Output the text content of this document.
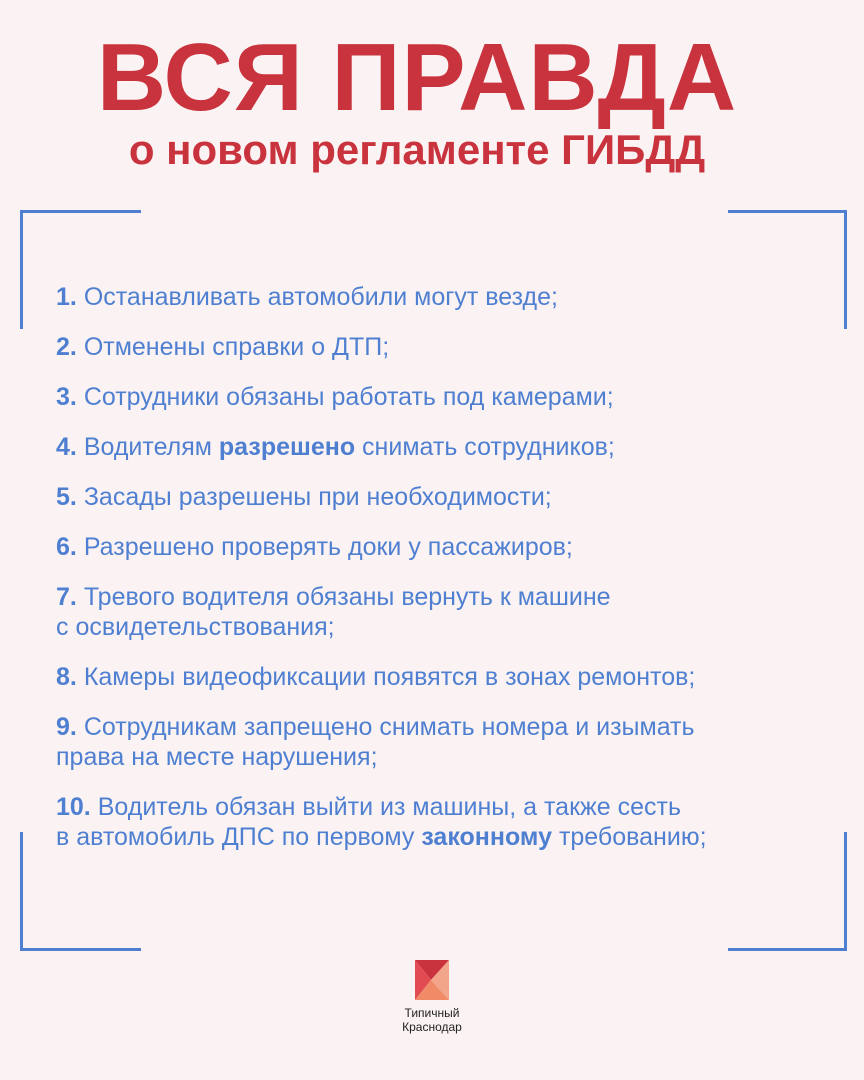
ВСЯ ПРАВДА
о новом регламенте ГИБДД
1. Останавливать автомобили могут везде;
2. Отменены справки о ДТП;
3. Сотрудники обязаны работать под камерами;
4. Водителям разрешено снимать сотрудников;
5. Засады разрешены при необходимости;
6. Разрешено проверять доки у пассажиров;
7. Тревого водителя обязаны вернуть к машине
с освидетельствования;
8. Камеры видеофиксации появятся в зонах ремонтов;
9. Сотрудникам запрещено снимать номера и изымать
права на месте нарушения;
10. Водитель обязан выйти из машины, а также сесть
в автомобиль ДПС по первому законному требованию;
Типичный
Краснодар
